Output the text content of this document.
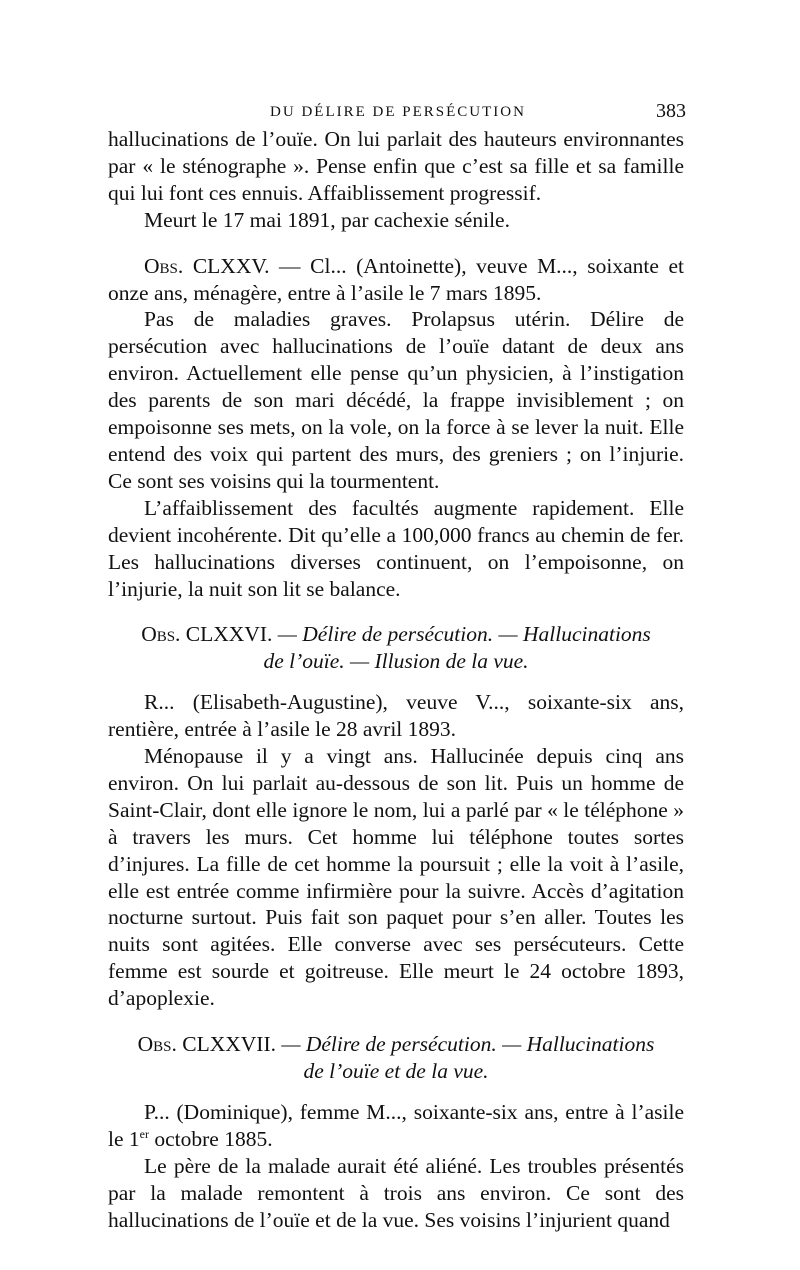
DU DÉLIRE DE PERSÉCUTION	383

hallucinations de l’ouïe. On lui parlait des hauteurs environnantes par « le sténographe ». Pense enfin que c’est sa fille et sa famille qui lui font ces ennuis. Affaiblissement progressif.

Meurt le 17 mai 1891, par cachexie sénile.

Obs. CLXXV. — Cl... (Antoinette), veuve M..., soixante et onze ans, ménagère, entre à l’asile le 7 mars 1895.

Pas de maladies graves. Prolapsus utérin. Délire de persécution avec hallucinations de l’ouïe datant de deux ans environ. Actuellement elle pense qu’un physicien, à l’instigation des parents de son mari décédé, la frappe invisiblement ; on empoisonne ses mets, on la vole, on la force à se lever la nuit. Elle entend des voix qui partent des murs, des greniers ; on l’injurie. Ce sont ses voisins qui la tourmentent.

L’affaiblissement des facultés augmente rapidement. Elle devient incohérente. Dit qu’elle a 100,000 francs au chemin de fer. Les hallucinations diverses continuent, on l’empoisonne, on l’injurie, la nuit son lit se balance.

Obs. CLXXVI. — Délire de persécution. — Hallucinations
de l’ouïe. — Illusion de la vue.

R... (Elisabeth-Augustine), veuve V..., soixante-six ans, rentière, entrée à l’asile le 28 avril 1893.

Ménopause il y a vingt ans. Hallucinée depuis cinq ans environ. On lui parlait au-dessous de son lit. Puis un homme de Saint-Clair, dont elle ignore le nom, lui a parlé par « le téléphone » à travers les murs. Cet homme lui téléphone toutes sortes d’injures. La fille de cet homme la poursuit ; elle la voit à l’asile, elle est entrée comme infirmière pour la suivre. Accès d’agitation nocturne surtout. Puis fait son paquet pour s’en aller. Toutes les nuits sont agitées. Elle converse avec ses persécuteurs. Cette femme est sourde et goitreuse. Elle meurt le 24 octobre 1893, d’apoplexie.

Obs. CLXXVII. — Délire de persécution. — Hallucinations
de l’ouïe et de la vue.

P... (Dominique), femme M..., soixante-six ans, entre à l’asile le 1er octobre 1885.

Le père de la malade aurait été aliéné. Les troubles présentés par la malade remontent à trois ans environ. Ce sont des hallucinations de l’ouïe et de la vue. Ses voisins l’injurient quand
